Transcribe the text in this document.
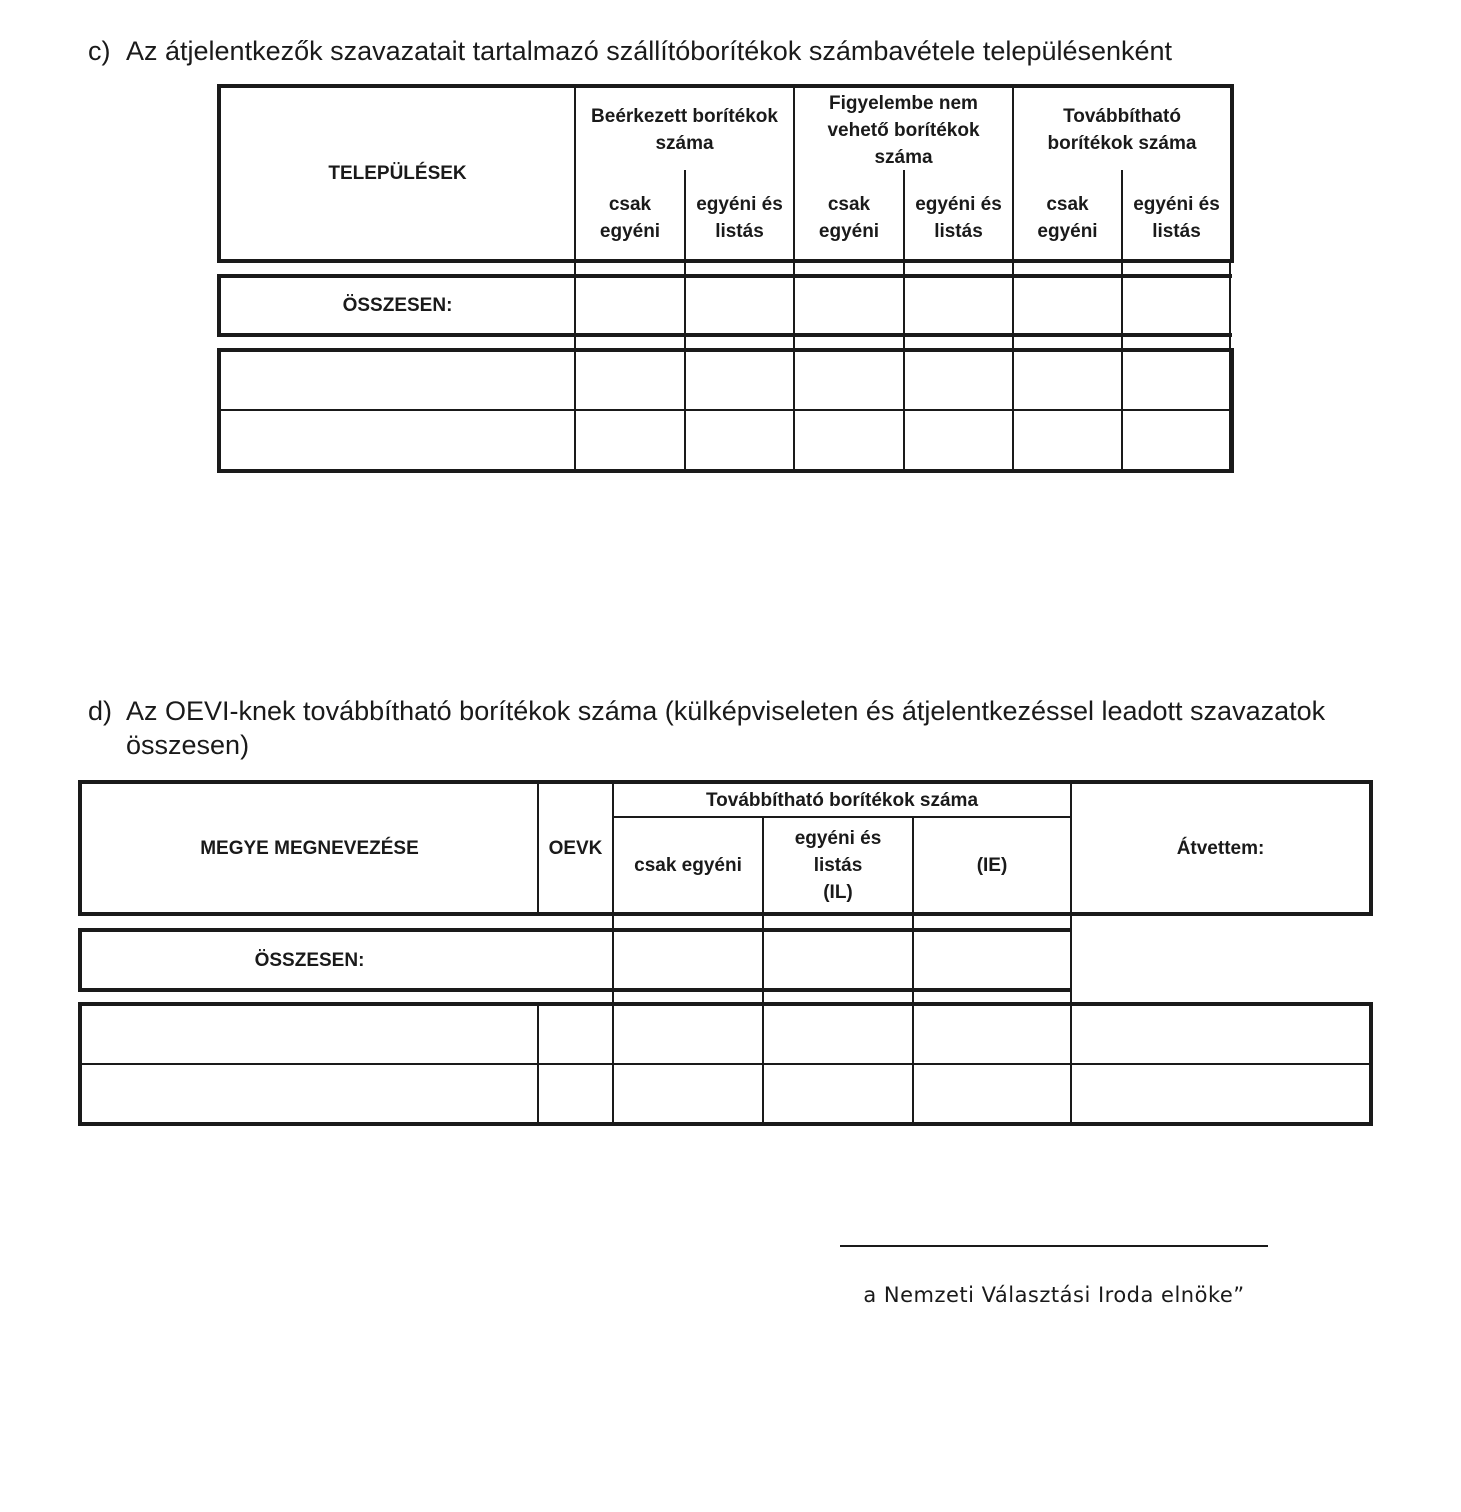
c) Az átjelentkezők szavazatait tartalmazó szállítóborítékok számbavétele településenként
TELEPÜLÉSEK
Beérkezett borítékok
száma
Figyelembe nem
vehető borítékok
száma
Továbbítható
borítékok száma
csak
egyéni
egyéni és
listás
csak
egyéni
egyéni és
listás
csak
egyéni
egyéni és
listás
ÖSSZESEN:
d) Az OEVI-knek továbbítható borítékok száma (külképviseleten és átjelentkezéssel leadott szavazatok
összesen)
MEGYE MEGNEVEZÉSE	OEVK
Továbbítható borítékok száma
csak egyéni
egyéni és
listás
(IL)
(IE)
Átvettem:
ÖSSZESEN:
a Nemzeti Választási Iroda elnöke”
